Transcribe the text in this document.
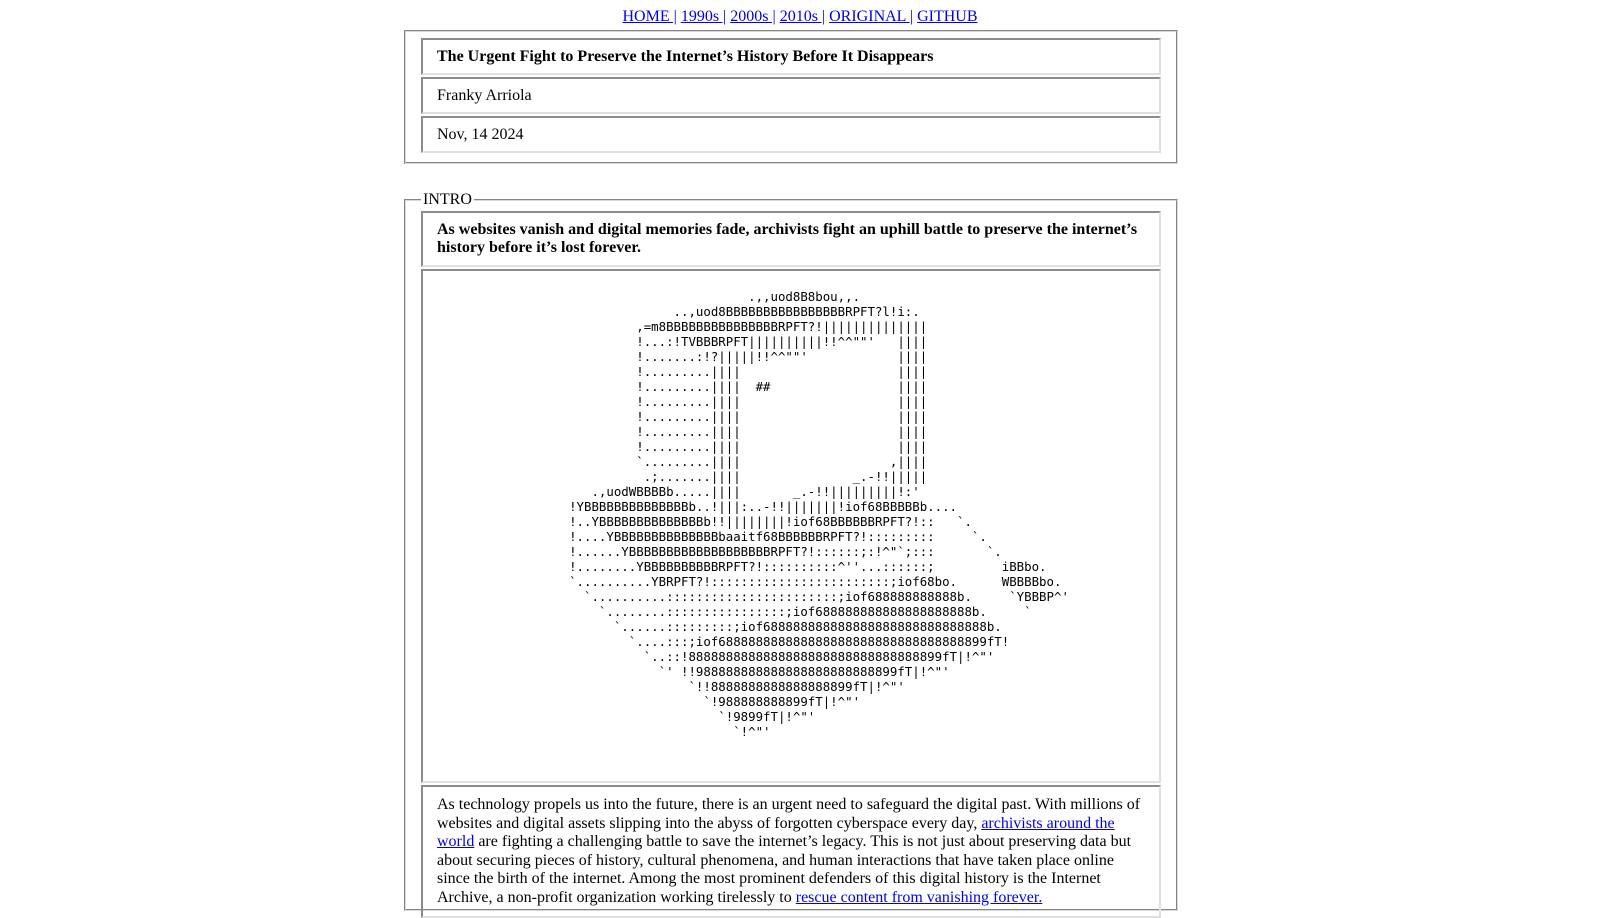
HOME | 1990s | 2000s | 2010s | ORIGINAL | GITHUB
The Urgent Fight to Preserve the Internet’s History Before It Disappears
Franky Arriola
Nov, 14 2024
INTRO
As websites vanish and digital memories fade, archivists fight an uphill battle to preserve the internet’s history before it’s lost forever.
.,,uod8B8bou,,.
..,uod8BBBBBBBBBBBBBBBBRPFT?l!i:.
,=m8BBBBBBBBBBBBBBBRPFT?!||||||||||||||
!...:!TVBBBRPFT||||||||||!!^^""'   ||||
!.......:!?|||||!!^^""'            ||||
!.........||||                     ||||
!.........||||  ##                 ||||
!.........||||                     ||||
!.........||||                     ||||
!.........||||                     ||||
!.........||||                     ||||
`.........||||                    ,||||
.;.......||||               _.-!!|||||
.,uodWBBBBb.....||||       _.-!!|||||||||!:'
!YBBBBBBBBBBBBBBb..!|||:..-!!|||||||!iof68BBBBBb....
!..YBBBBBBBBBBBBBBb!!||||||||!iof68BBBBBBRPFT?!::   `.
!....YBBBBBBBBBBBBBBbaaitf68BBBBBBRPFT?!:::::::::     `.
!......YBBBBBBBBBBBBBBBBBBBRPFT?!::::::;:!^"`;:::       `.
!........YBBBBBBBBBBRPFT?!::::::::::^''...::::::;         iBBbo.
`..........YBRPFT?!::::::::::::::::::::::::;iof68bo.      WBBBBbo.
`..........:::::::::::::::::::::::;iof688888888888b.     `YBBBP^'
`........::::::::::::::::;iof688888888888888888888b.     `
`......:::::::::;iof688888888888888888888888888888b.
`....:::;iof688888888888888888888888888888888899fT!
`..::!8888888888888888888888888888888899fT|!^"'
`' !!988888888888888888888888899fT|!^"'
`!!8888888888888888899fT|!^"'
`!988888888899fT|!^"'
`!9899fT|!^"'
`!^"'
As technology propels us into the future, there is an urgent need to safeguard the digital past. With millions of websites and digital assets slipping into the abyss of forgotten cyberspace every day, archivists around the world are fighting a challenging battle to save the internet’s legacy. This is not just about preserving data but about securing pieces of history, cultural phenomena, and human interactions that have taken place online since the birth of the internet. Among the most prominent defenders of this digital history is the Internet Archive, a non-profit organization working tirelessly to rescue content from vanishing forever.
